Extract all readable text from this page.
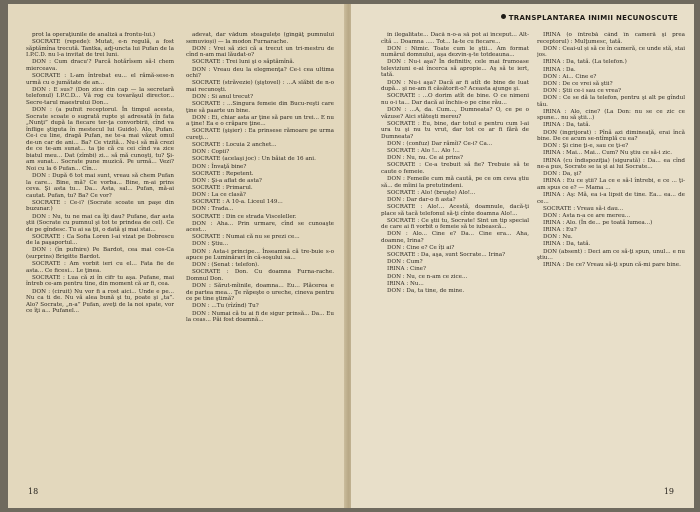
prot la operaţiunile de analiză a frontu-lui.)

SOCRATE (repede): Mutat, e-n regulă, a fost săptămîna trecută. Tantka, adj-uncta lui Pufan de la I.P.C.D. nu l-a invitat de trei luni.

DON : Cum dracu'? Parcă hotărîsem să-l chem mierceava.

SOCRATE : L-am întrebat eu... el rămă-sese-n urmă cu o jumătate de an...

DON : E sus? (Don zice din cap — la secretară telefonul) I.P.C.D... Vă rog cu tovarăşul director... Secre-tarul maestrului Don...

DON : (a pufnit receptorul. În timpul acesta, Socrate scoate o sugrată rupte şi adresată în fata „Nunţi” după la fiecare ter-ţa convorbirii, cînd va înflige ştiguta în mestecul lui Guido). Alo, Pufan. Ce-i cu line, dragă Pufan, ne te-a mai văzut omul de-un car de ani... Ba? Ce vizită... Nu-i să mă crezi de ce te-am sunat... ta ţie că cu cei cînd va zice biatul meu... Dat (zîmbi) zi... să mă cunoşti, tu? Şi-am sunat... Socrate pune muzică. Pe urmă... Vezi? Noi cu la 6 Pufan... Cîn...

DON : După 6 tot mai sunt, vreau să chem Pufan la care... Bine, mă? Ce vorba... Bine, m-ai prins ceva. Şi asta tu... Da... Asta, sal... Pufan, mă-ai cautat. Pufan, tu? Ba? Ce vor?

SOCRATE : Ce-i? (Socrate scoate un paşe din buzunar.)

DON : Nu, tu ne mai ca îţi dau? Pufane, dar asta ştii (Socrate cu pumnul şi tot te prindea de cel). Ce de pe gîndesc. Tu ai sa ţii, o dată şi mai stai...

SOCRATE : Ca Sofia Loren l-ai vizat pe Dobrescu de la paşaportul...

DON : (în pufnire) Pe Bardot, cea mai cos-Ca (surprins) Brigitte Bardot.

SOCRATE : Am vorbit ieri cu el... Fata fie de asta... Ce ficesi... Le ţinea.

SOCRATE : Lua că zi în cifr tu aşa. Pufane, mai întreb ce-am pentru tine, din moment că ar fi, cea.

DON : (ciruit) Nu vor fi a rost aici... Unde e pe... Nu ca ti de. Nu vă alea bună şi tu, poate şi „ta”. Alo? Socrate, „n-a” Pufan, aveţi de la noi spate, vor ce îţi a... Pufanel...

adevat, dar vădum steagulețe (gîngăţ pumnului semuvioși) — la modon Furnarache.

DON : Vrei să zici că a trecut un tri-mestru de cînd n-am mai lăudat-o?

SOCRATE : Trei luni şi o săptămînă.

DON : Vreau deu la elegmenţa? Ce-i cea ultima ochi?

SOCRATE (străvezie) (şiştovel) : ...A slăbit de n-o mai recunoşti.

DON : Si anul trecut?

SOCRATE : ...Singura femeie din Bucu-reşti care ţine să paarte un bine.

DON : Ei, chiar asta ar ţine să pare un trei... E nu a ţine! Ea e o crăpare ţine...

SOCRATE (şişier) : Ea prinsese rămoare pe urma cureţi...

SOCRATE : Locuia 2 anchet...

DON : Copii?

SOCRATE (acelaşi joc) : Un băiat de 16 ani.

DON : Învaţă bine?

SOCRATE : Repetent.

DON : Şi-a aflat de asta?

SOCRATE : Primarul.

DON : La ce clasă?

SOCRATE : A 10-a. Liceul 149...

DON : Trada...

SOCRATE : Din ce strada Visceleller.

DON : Aha... Prin urmare, cînd se cunoaşte acest...

SOCRATE : Numai că nu se prezi ce...

DON : Ştiu...

DON : Asta-i principe... Înseamnă că tre-buie s-o apuce pe Luminărari în că-soşului sa...

DON : (Senat : telefon).

SOCRATE : Don. Cu doamna Furna-rache. Domnul Don.

DON : Sărut-mîinile, doamna... Eu... Plăcerea e de partea mea... Ţe răpeşte o ureche, cineva pentru ce pe tine ştimă?

DON : ...Tu (rîzînd) Tu?

DON : Numai că tu ai fi de sigur prinsă... Da... Eu la ceas... Păi fost doamnă...

18
TRANSPLANTAREA INIMII NECUNOSCUTE

în ilegalitate... Dacă n-o-a să pot ai început... Alt-cîtă ... Doamna ..... Tot... Ia-te cu fiecare...

DON : Nimic. Toate cum le ştii... Am format numărul domnului, aşa dezvin-ş-te totdeauna...

DON : Nu-i aşa? În definitiv, cele mai frumoase televiziuni e-ai încerca să apropie... Aş să te iert, tată.

DON : Nu-i aşa? Dacă ar fi atît de bine de luat după... şi ne-am fi căsătorit-o? Aceasta ajunge şi.

SOCRATE : ...O dorim atît de bine. O ce nimeni nu o-i ta... Dar dacă ai închis-o pe cine rău...

DON : ...A, da. Cum..., Dumneata? O, ce pe o văzuse? Aici stăteşti mereu?

SOCRATE : Eu, bine, dar totul e pentru cum l-ai ura tu şi nu tu vrut, dar tot ce ar fi fără de Dumneata?

DON : (confuz) Dar rămîi? Ce-i? Ca...

SOCRATE : Alo !... Alo !...

DON : Nu, nu. Ce ai prins?

SOCRATE : Ce-a trebuit să fie? Trebuie să te caute o femeie.

DON : Femeile cum mă caută, pe ce om ceva ştiu să... de mîini la pretutindeni.

SOCRATE : Alo! (bruşte) Alo!...

DON : Dar dar-o fi asta?

SOCRATE : Alo!... Acestă, doamnule, dacă-ţi place să tacă telefonul să-ţi cînte doamna Alo!...

SOCRATE : Ce ştii tu, Socrate! Sint un tip special de care ai fi vorbit o femeie să te iubească...

DON : Alo... Cine e? Da... Cine era... Aha, doamne, Irina?

DON : Cine e? Ce îți ai?

SOCRATE : Da, aşa, sunt Socrate... Irina?

DON : Cum?

IRINA : Cine?

DON : Nu, ce n-am ce zice...

IRINA : Nu...

DON : Da, ta tine, de mine.

IRINA (o întrebă când în cameră şi prea receptorul) : Mulţumesc, tată.

DON : Ceai-ul și să ce în cameră, ce unde stă, stai jos.

IRINA : Da, tată. (La telefon.)

IRINA : Da.

DON : Ai... Cine e?

DON : De ce vrei să ştii?

DON : Ştii ce-i sau ce vrea?

DON : Ce se dă la telefon, pentru şi alt pe gîndul tău.

IRINA : Alo, cine? (La Don: nu se ce zic ce spune... nu să ştii...)

IRINA : Da, tată.

DON (ingrijorat) : Pînă azi dimineaţă, erai încă bine. De ce acum se-ntîmplă cu ea?

DON : Şi cine ţi-e, sau ce ţi-e?

IRINA : Mai... Mai... Cum? Nu ştiu ce să-i zic.

IRINA (cu îndispoziţia) (sigurată) : Da... ea cînd ne-a pus, Socrate se ia şi ai lui Socrate...

DON : Da, şi?

IRINA : Eu ce ştii? La ce e să-l întrebi, e ce ... ţi-am spus ce e? — Mama ...

IRINA : Aş: Mă, ea i-a lipsit de tine. Ea... ea... de ce...

SOCRATE : Vreau să-i dau...

DON : Asta n-a ce are mereu...

IRINA : Alo. (În de... pe toată lumea...)

IRINA : Eu?

DON : Nu.

IRINA : Da, tată.

DON (absent) : Deci am ce să-ţi spun, unul... e nu ştiu...

IRINA : De ce? Vreau să-ţi spun că-mi pare bine.

19
